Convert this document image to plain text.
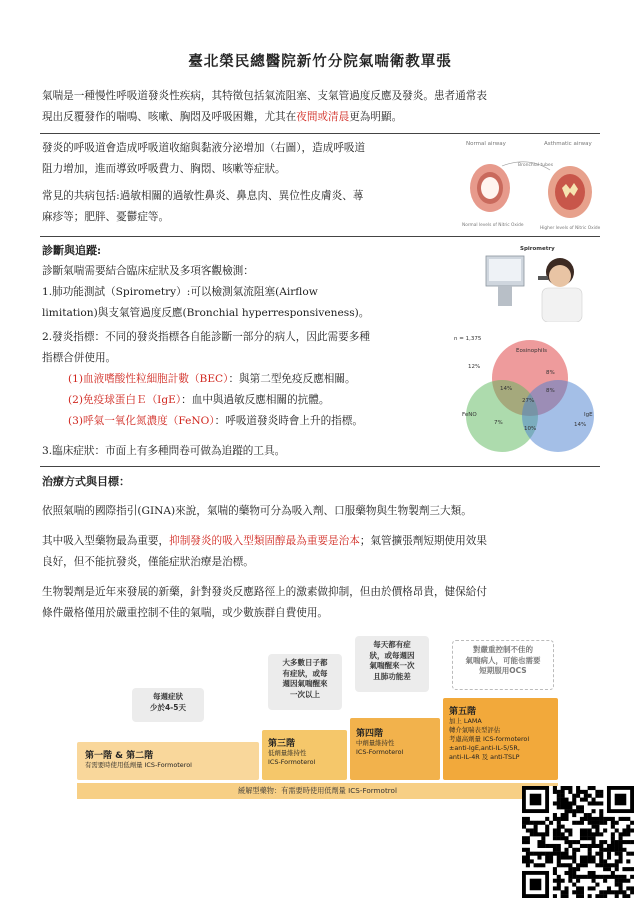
臺北榮民總醫院新竹分院氣喘衛教單張
氣喘是一種慢性呼吸道發炎性疾病，其特徵包括氣流阻塞、支氣管過度反應及發炎。患者通常表
現出反覆發作的喘鳴、咳嗽、胸悶及呼吸困難，尤其在夜間或清晨更為明顯。
發炎的呼吸道會造成呼吸道收縮與黏液分泌增加（右圖），造成呼吸道
阻力增加，進而導致呼吸費力、胸悶、咳嗽等症狀。
常見的共病包括:過敏相關的過敏性鼻炎、鼻息肉、異位性皮膚炎、蕁
麻疹等；肥胖、憂鬱症等。
Normal airway	Asthmatic airway
Bronchial tubes
Normal levels of Nitric Oxide
Higher levels of Nitric Oxide
診斷與追蹤:
診斷氣喘需要結合臨床症狀及多項客觀檢測：
1.肺功能測試（Spirometry）:可以檢測氣流阻塞(Airflow
limitation)與支氣管過度反應(Bronchial hyperresponsiveness)。
Spirometry
2.發炎指標：不同的發炎指標各自能診斷一部分的病人，因此需要多種
指標合併使用。
(1)血液嗜酸性粒細胞計數（BEC）：與第二型免疫反應相關。
(2)免疫球蛋白Ｅ（IgE）：血中與過敏反應相關的抗體。
(3)呼氣一氧化氮濃度（FeNO）：呼吸道發炎時會上升的指標。
3.臨床症狀：市面上有多種問卷可做為追蹤的工具。
n = 1,375
Eosinophils
FeNO	IgE
12%
14%
8%
8%
27%
7%
10%
14%
治療方式與目標：
依照氣喘的國際指引(GINA)來說，氣喘的藥物可分為吸入劑、口服藥物與生物製劑三大類。
其中吸入型藥物最為重要，抑制發炎的吸入型類固醇最為重要是治本；氣管擴張劑短期使用效果
良好，但不能抗發炎，僅能症狀治療是治標。
生物製劑是近年來發展的新藥，針對發炎反應路徑上的激素做抑制，但由於價格昂貴，健保給付
條件嚴格僅用於嚴重控制不佳的氣喘，或少數族群自費使用。
每週症狀
少於4-5天
大多數日子都
有症狀，或每
週因氣喘醒來
一次以上
每天都有症
狀，或每週因
氣喘醒來一次
且肺功能差
對嚴重控制不佳的
氣喘病人，可能也需要
短期服用OCS
第一階 & 第二階
有需要時使用低劑量 ICS-Formoterol
第三階
低劑量維持性
ICS-Formoterol
第四階
中劑量維持性
ICS-Formoterol
第五階
加上 LAMA
轉介氣喘表型評估
考慮高劑量 ICS-formoterol
±anti-IgE,anti-IL-5/5R,
anti-IL-4R 及 anti-TSLP
緩解型藥物：有需要時使用低劑量 ICS-Formotrol
